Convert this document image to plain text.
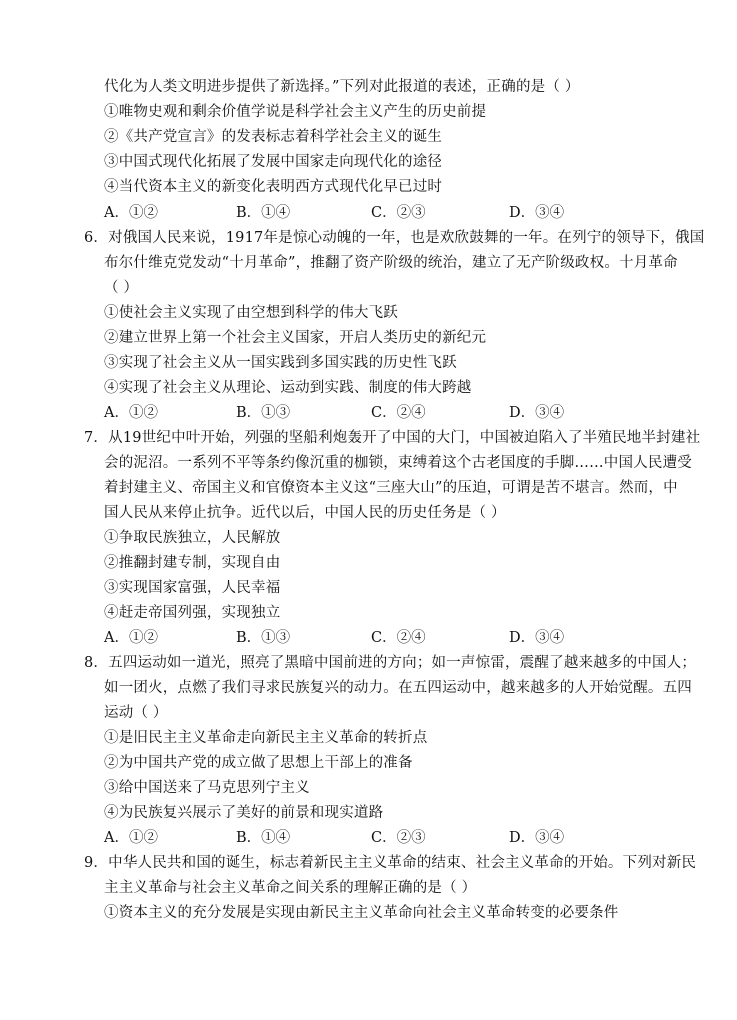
代化为人类文明进步提供了新选择。”下列对此报道的表述，正确的是（ ）
①唯物史观和剩余价值学说是科学社会主义产生的历史前提
②《共产党宣言》的发表标志着科学社会主义的诞生
③中国式现代化拓展了发展中国家走向现代化的途径
④当代资本主义的新变化表明西方式现代化早已过时
A．①②	B．①④	C．②③	D．③④
6．对俄国人民来说，1917年是惊心动魄的一年，也是欢欣鼓舞的一年。在列宁的领导下，俄国
布尔什维克党发动“十月革命”，推翻了资产阶级的统治，建立了无产阶级政权。十月革命
（ ）
①使社会主义实现了由空想到科学的伟大飞跃
②建立世界上第一个社会主义国家，开启人类历史的新纪元
③实现了社会主义从一国实践到多国实践的历史性飞跃
④实现了社会主义从理论、运动到实践、制度的伟大跨越
A．①②	B．①③	C．②④	D．③④
7．从19世纪中叶开始，列强的坚船利炮轰开了中国的大门，中国被迫陷入了半殖民地半封建社
会的泥沼。一系列不平等条约像沉重的枷锁，束缚着这个古老国度的手脚……中国人民遭受
着封建主义、帝国主义和官僚资本主义这“三座大山”的压迫，可谓是苦不堪言。然而，中
国人民从来停止抗争。近代以后，中国人民的历史任务是（ ）
①争取民族独立，人民解放
②推翻封建专制，实现自由
③实现国家富强，人民幸福
④赶走帝国列强，实现独立
A．①②	B．①③	C．②④	D．③④
8．五四运动如一道光，照亮了黑暗中国前进的方向；如一声惊雷，震醒了越来越多的中国人；
如一团火，点燃了我们寻求民族复兴的动力。在五四运动中，越来越多的人开始觉醒。五四
运动（ ）
①是旧民主主义革命走向新民主主义革命的转折点
②为中国共产党的成立做了思想上干部上的准备
③给中国送来了马克思列宁主义
④为民族复兴展示了美好的前景和现实道路
A．①②	B．①④	C．②③	D．③④
9．中华人民共和国的诞生，标志着新民主主义革命的结束、社会主义革命的开始。下列对新民
主主义革命与社会主义革命之间关系的理解正确的是（ ）
①资本主义的充分发展是实现由新民主主义革命向社会主义革命转变的必要条件
